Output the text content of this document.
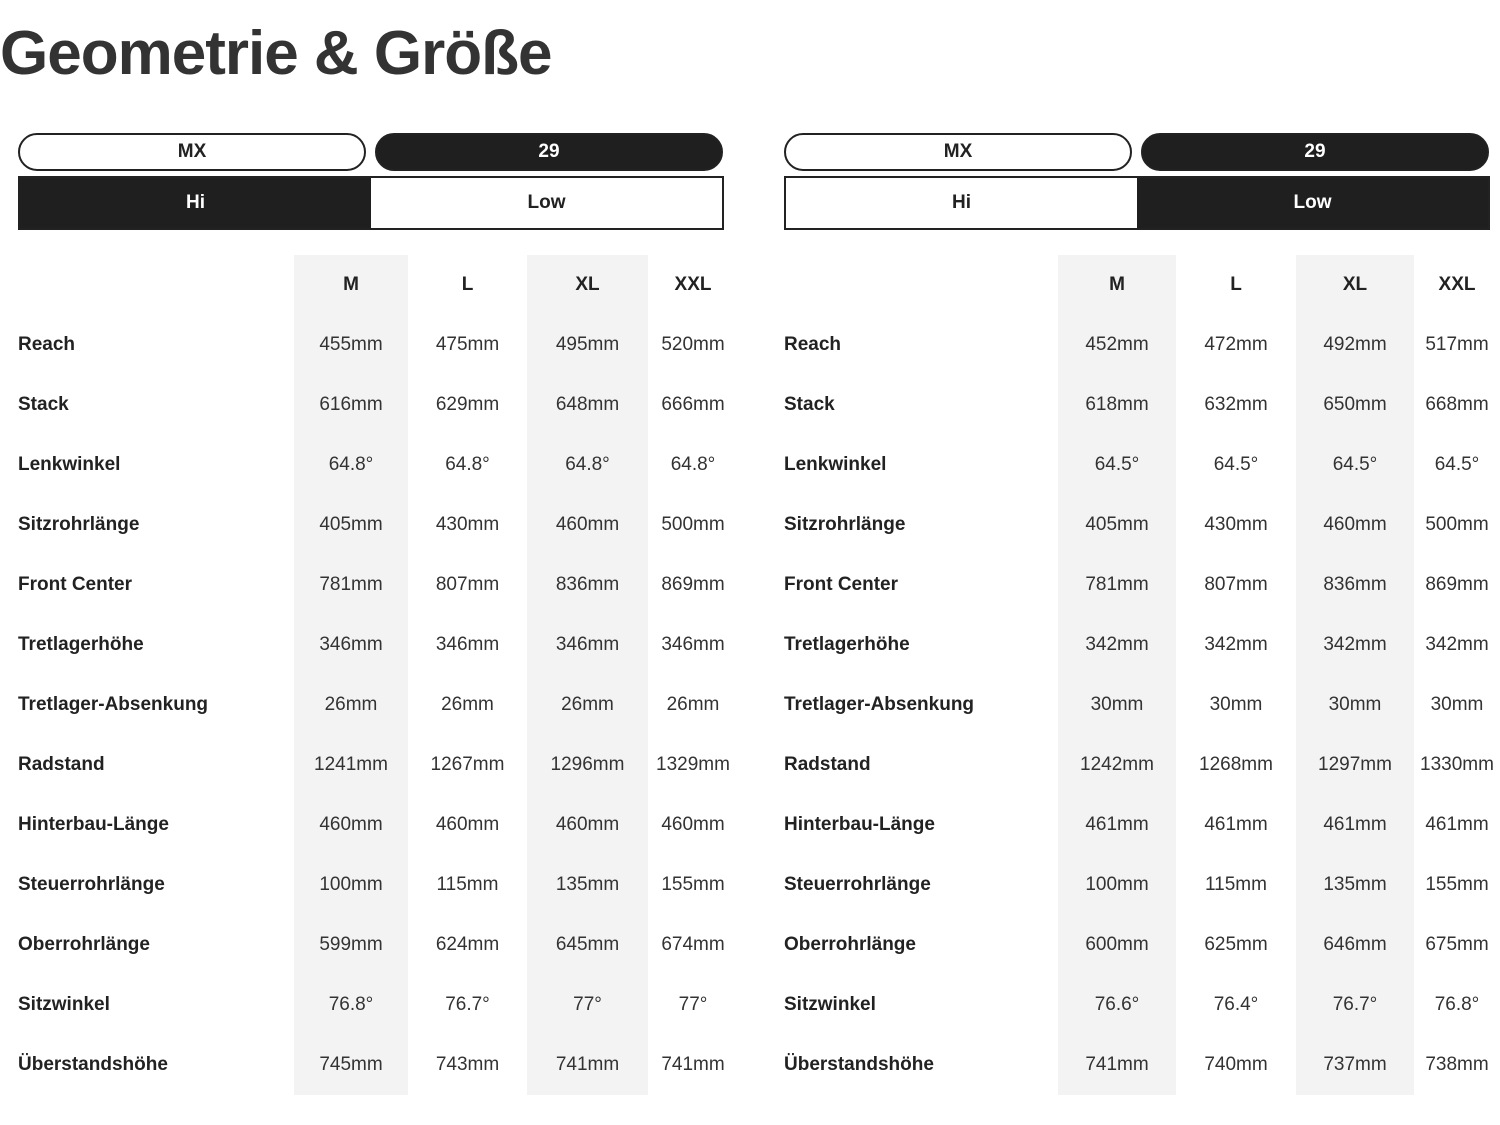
Geometrie & Größe
MX	29
Hi	Low
	M	L	XL	XXL
Reach	455mm	475mm	495mm	520mm
Stack	616mm	629mm	648mm	666mm
Lenkwinkel	64.8°	64.8°	64.8°	64.8°
Sitzrohrlänge	405mm	430mm	460mm	500mm
Front Center	781mm	807mm	836mm	869mm
Tretlagerhöhe	346mm	346mm	346mm	346mm
Tretlager-Absenkung	26mm	26mm	26mm	26mm
Radstand	1241mm	1267mm	1296mm	1329mm
Hinterbau-Länge	460mm	460mm	460mm	460mm
Steuerrohrlänge	100mm	115mm	135mm	155mm
Oberrohrlänge	599mm	624mm	645mm	674mm
Sitzwinkel	76.8°	76.7°	77°	77°
Überstandshöhe	745mm	743mm	741mm	741mm
MX	29
Hi	Low
	M	L	XL	XXL
Reach	452mm	472mm	492mm	517mm
Stack	618mm	632mm	650mm	668mm
Lenkwinkel	64.5°	64.5°	64.5°	64.5°
Sitzrohrlänge	405mm	430mm	460mm	500mm
Front Center	781mm	807mm	836mm	869mm
Tretlagerhöhe	342mm	342mm	342mm	342mm
Tretlager-Absenkung	30mm	30mm	30mm	30mm
Radstand	1242mm	1268mm	1297mm	1330mm
Hinterbau-Länge	461mm	461mm	461mm	461mm
Steuerrohrlänge	100mm	115mm	135mm	155mm
Oberrohrlänge	600mm	625mm	646mm	675mm
Sitzwinkel	76.6°	76.4°	76.7°	76.8°
Überstandshöhe	741mm	740mm	737mm	738mm
